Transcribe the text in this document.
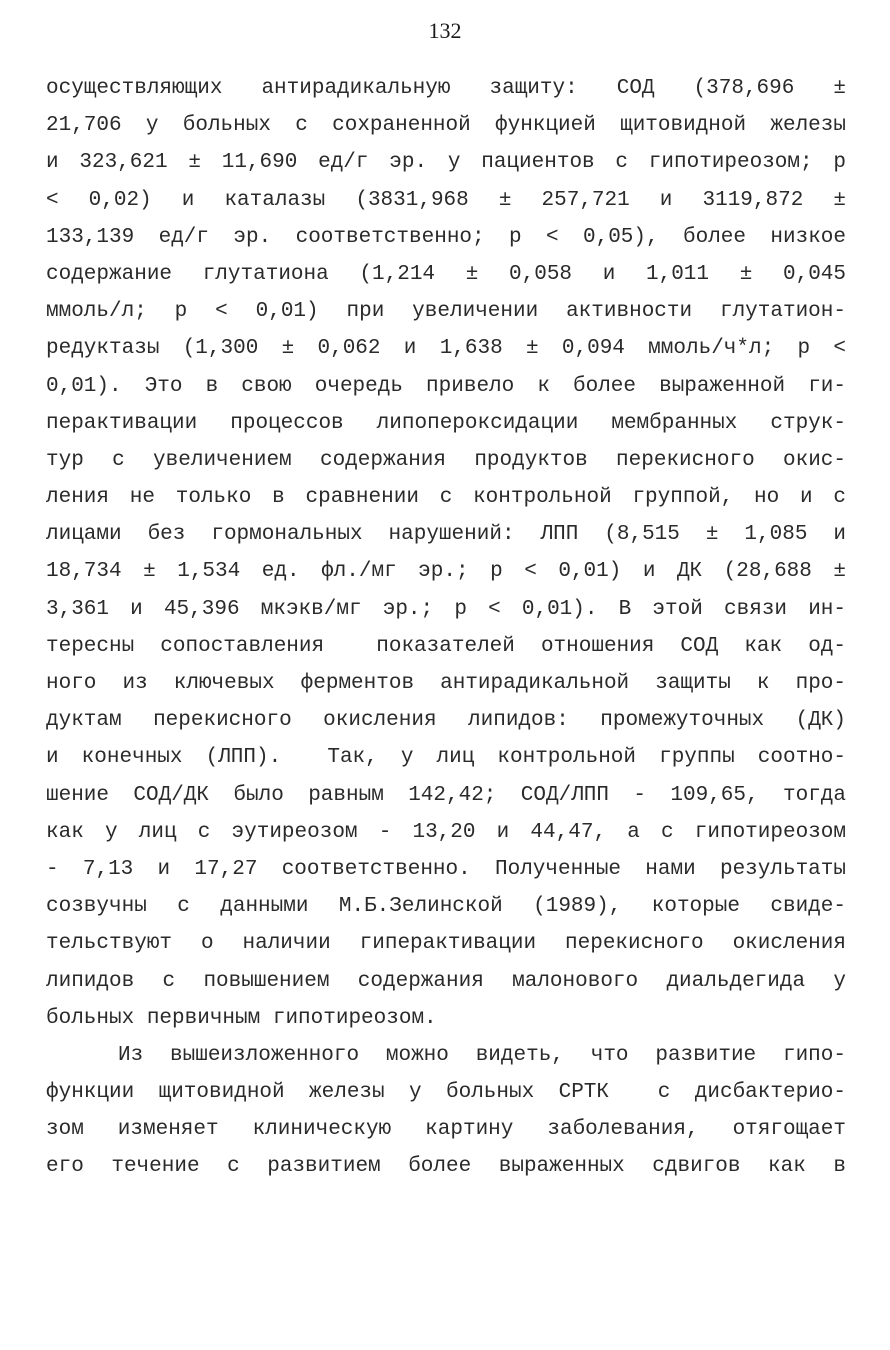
132
осуществляющих антирадикальную защиту: СОД (378,696 ±
21,706 у больных с сохраненной функцией щитовидной железы
и 323,621 ± 11,690 ед/г эр. у пациентов с гипотиреозом; р
< 0,02) и каталазы (3831,968 ± 257,721 и 3119,872 ±
133,139 ед/г эр. соответственно; р < 0,05), более низкое
содержание глутатиона (1,214 ± 0,058 и 1,011 ± 0,045
ммоль/л; р < 0,01) при увеличении активности глутатион-
редуктазы (1,300 ± 0,062 и 1,638 ± 0,094 ммоль/ч*л; р <
0,01). Это в свою очередь привело к более выраженной ги-
перактивации процессов липопероксидации мембранных струк-
тур с увеличением содержания продуктов перекисного окис-
ления не только в сравнении с контрольной группой, но и с
лицами без гормональных нарушений: ЛПП (8,515 ± 1,085 и
18,734 ± 1,534 ед. фл./мг эр.; р < 0,01) и ДК (28,688 ±
3,361 и 45,396 мкэкв/мг эр.; р < 0,01). В этой связи ин-
тересны сопоставления  показателей отношения СОД как од-
ного из ключевых ферментов антирадикальной защиты к про-
дуктам перекисного окисления липидов: промежуточных (ДК)
и конечных (ЛПП).  Так, у лиц контрольной группы соотно-
шение СОД/ДК было равным 142,42; СОД/ЛПП - 109,65, тогда
как у лиц с эутиреозом - 13,20 и 44,47, а с гипотиреозом
- 7,13 и 17,27 соответственно. Полученные нами результаты
созвучны с данными М.Б.Зелинской (1989), которые свиде-
тельствуют о наличии гиперактивации перекисного окисления
липидов с повышением содержания малонового диальдегида у
больных первичным гипотиреозом.
Из вышеизложенного можно видеть, что развитие гипо-
функции щитовидной железы у больных СРТК  с дисбактерио-
зом изменяет клиническую картину заболевания, отягощает
его течение с развитием более выраженных сдвигов как в
